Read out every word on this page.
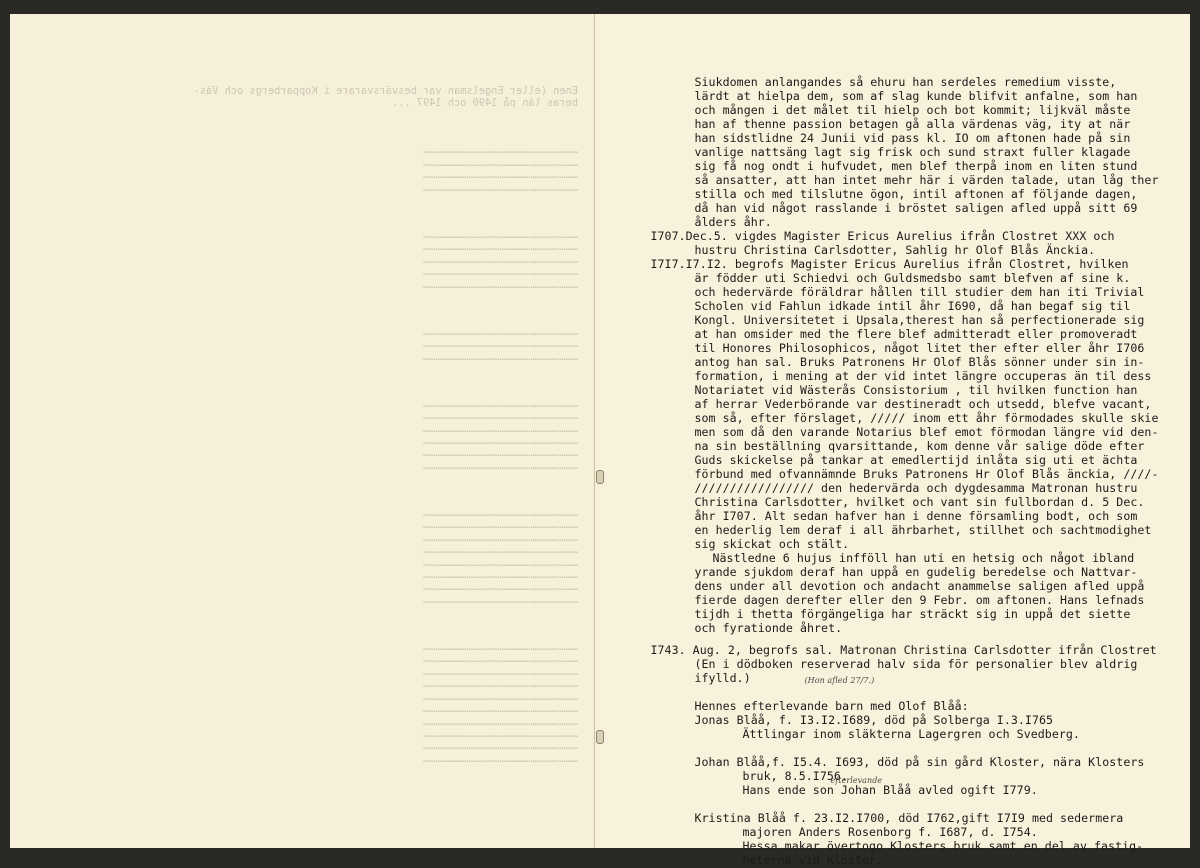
Enen (eller Engelsman var besvärsvarare i Kopparbergs och Väs-
beras län på 1490 och 1497 ...

…………………………………………………………………
…………………………………………………………………
…………………………………………………………………
…………………………………………………………………

…………………………………………………………………
…………………………………………………………………
…………………………………………………………………
…………………………………………………………………
…………………………………………………………………

…………………………………………………………………
…………………………………………………………………
…………………………………………………………………

…………………………………………………………………
…………………………………………………………………
…………………………………………………………………
…………………………………………………………………
…………………………………………………………………
…………………………………………………………………

…………………………………………………………………
…………………………………………………………………
…………………………………………………………………
…………………………………………………………………
…………………………………………………………………
…………………………………………………………………
…………………………………………………………………
…………………………………………………………………

…………………………………………………………………
…………………………………………………………………
…………………………………………………………………
…………………………………………………………………
…………………………………………………………………
…………………………………………………………………
…………………………………………………………………
…………………………………………………………………
…………………………………………………………………
…………………………………………………………………

Siukdomen anlangandes så ehuru han serdeles remedium visste,
lärdt at hielpa dem, som af slag kunde blifvit anfalne, som han
och mången i det målet til hielp och bot kommit; lijkväl måste
han af thenne passion betagen gå alla värdenas väg, ity at när
han sidstlidne 24 Junii vid pass kl. IO om aftonen hade på sin
vanlige nattsäng lagt sig frisk och sund straxt fuller klagade
sig få nog ondt i hufvudet, men blef therpå inom en liten stund
så ansatter, att han intet mehr här i värden talade, utan låg ther
stilla och med tilslutne ögon, intil aftonen af följande dagen,
då han vid något rasslande i bröstet saligen afled uppå sitt 69
ålders åhr.
I707.Dec.5. vigdes Magister Ericus Aurelius ifrån Clostret XXX och
hustru Christina Carlsdotter, Sahlig hr Olof Blås Änckia.
I7I7.I7.I2. begrofs Magister Ericus Aurelius ifrån Clostret, hvilken
är födder uti Schiedvi och Guldsmedsbo samt blefven af sine k.
och hedervärde föräldrar hållen till studier dem han iti Trivial
Scholen vid Fahlun idkade intil åhr I690, då han begaf sig til
Kongl. Universitetet i Upsala,therest han så perfectionerade sig
at han omsider med the flere blef admitteradt eller promoveradt
til Honores Philosophicos, något litet ther efter eller åhr I706
antog han sal. Bruks Patronens Hr Olof Blås sönner under sin in-
formation, i mening at der vid intet längre occuperas än til dess
Notariatet vid Wästerås Consistorium , til hvilken function han
af herrar Vederbörande var destineradt och utsedd, blefve vacant,
som så, efter förslaget, ///// inom ett åhr förmodades skulle skie
men som då den varande Notarius blef emot förmodan längre vid den-
na sin beställning qvarsittande, kom denne vår salige döde efter
Guds skickelse på tankar at emedlertijd inlåta sig uti et ächta
förbund med ofvannämnde Bruks Patronens Hr Olof Blås änckia, ////-
///////////////// den hedervärda och dygdesamma Matronan hustru
Christina Carlsdotter, hvilket och vant sin fullbordan d. 5 Dec.
åhr I707. Alt sedan hafver han i denne församling bodt, och som
en hederlig lem deraf i all ährbarhet, stillhet och sachtmodighet
sig skickat och stält.
Nästledne 6 hujus infföll han uti en hetsig och något ibland
yrande sjukdom deraf han uppå en gudelig beredelse och Nattvar-
dens under all devotion och andacht anammelse saligen afled uppå
fierde dagen derefter eller den 9 Febr. om aftonen. Hans lefnads
tijdh i thetta förgängeliga har sträckt sig in uppå det siette
och fyrationde åhret.
I743. Aug. 2, begrofs sal. Matronan Christina Carlsdotter ifrån Clostret
(En i dödboken reserverad halv sida för personalier blev aldrig
ifylld.)
Hennes efterlevande barn med Olof Blåå:
Jonas Blåå, f. I3.I2.I689, död på Solberga I.3.I765
Ättlingar inom släkterna Lagergren och Svedberg.
Johan Blåå,f. I5.4. I693, död på sin gård Kloster, nära Klosters
bruk, 8.5.I756.
Hans ende son Johan Blåå avled ogift I779.
Kristina Blåå f. 23.I2.I700, död I762,gift I7I9 med sedermera
majoren Anders Rosenborg f. I687, d. I754.
Hessa makar övertogo Klosters bruk samt en del av fastig-
heterna vid Kloster.
(Hon afled 27/7.)
efterlevande
